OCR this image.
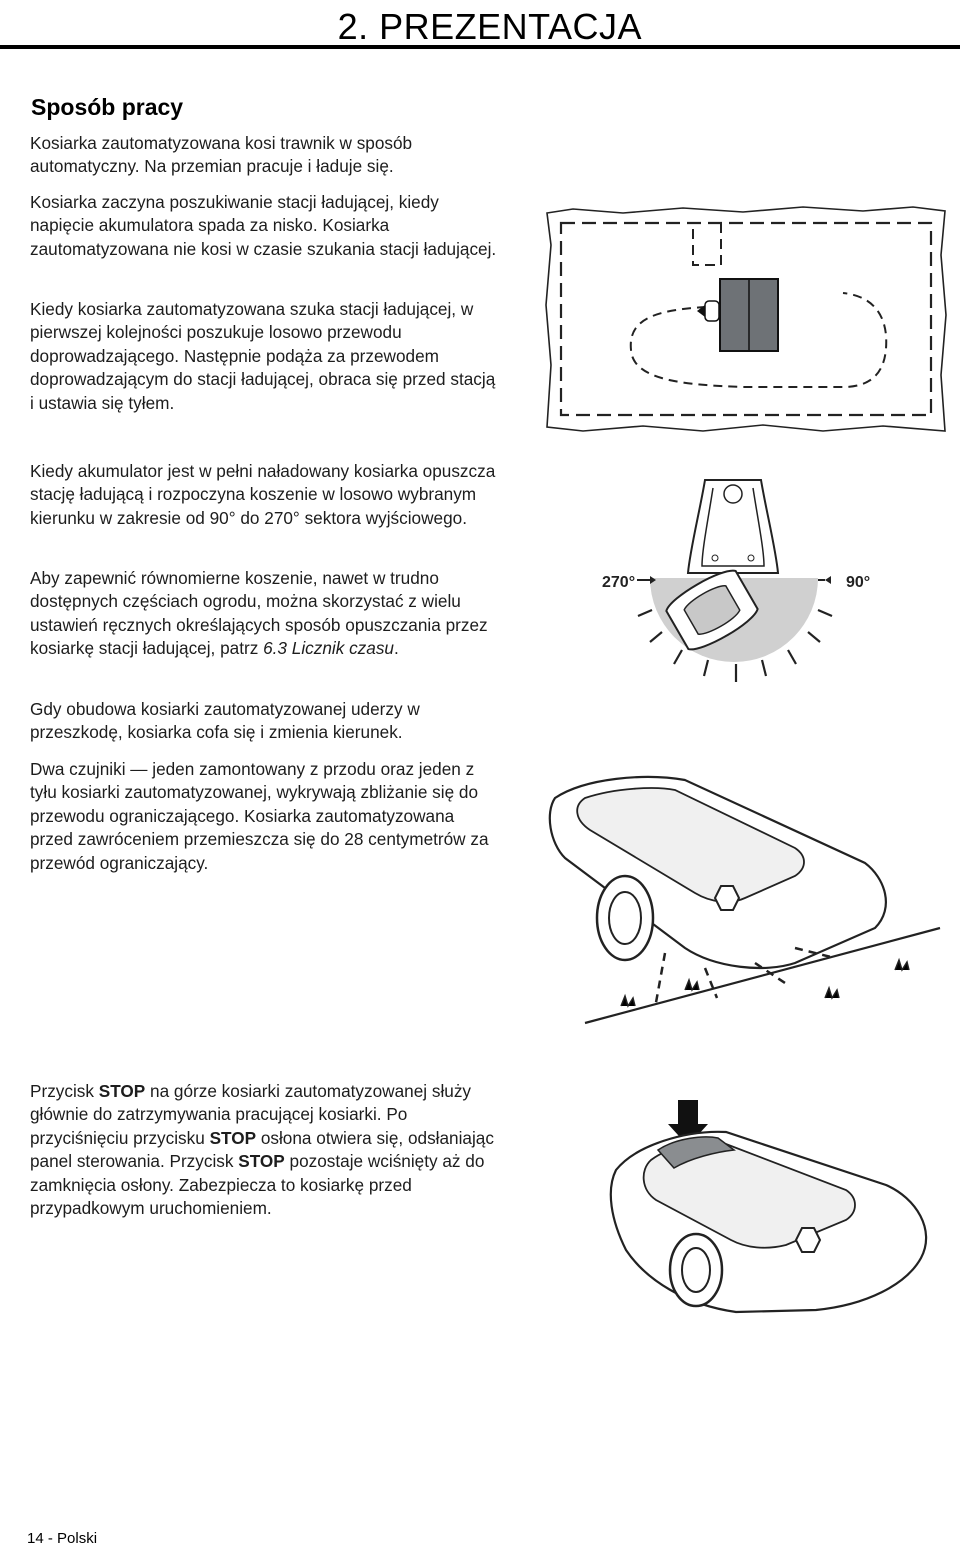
2. PREZENTACJA
Sposób pracy

Kosiarka zautomatyzowana kosi trawnik w sposób automatyczny. Na przemian pracuje i ładuje się.

Kosiarka zaczyna poszukiwanie stacji ładującej, kiedy napięcie akumulatora spada za nisko. Kosiarka zautomatyzowana nie kosi w czasie szukania stacji ładującej.

Kiedy kosiarka zautomatyzowana szuka stacji ładującej, w pierwszej kolejności poszukuje losowo przewodu doprowadzającego. Następnie podąża za przewodem doprowadzającym do stacji ładującej, obraca się przed stacją i ustawia się tyłem.

Kiedy akumulator jest w pełni naładowany kosiarka opuszcza stację ładującą i rozpoczyna koszenie w losowo wybranym kierunku w zakresie od 90° do 270° sektora wyjściowego.

Aby zapewnić równomierne koszenie, nawet w trudno dostępnych częściach ogrodu, można skorzystać z wielu ustawień ręcznych określających sposób opuszczania przez kosiarkę stacji ładującej, patrz 6.3 Licznik czasu.

Gdy obudowa kosiarki zautomatyzowanej uderzy w przeszkodę, kosiarka cofa się i zmienia kierunek.

Dwa czujniki — jeden zamontowany z przodu oraz jeden z tyłu kosiarki zautomatyzowanej, wykrywają zbliżanie się do przewodu ograniczającego. Kosiarka zautomatyzowana przed zawróceniem przemieszcza się do 28 centymetrów za przewód ograniczający.

Przycisk STOP na górze kosiarki zautomatyzowanej służy głównie do zatrzymywania pracującej kosiarki. Po przyciśnięciu przycisku STOP osłona otwiera się, odsłaniając panel sterowania. Przycisk STOP pozostaje wciśnięty aż do zamknięcia osłony. Zabezpiecza to kosiarkę przed przypadkowym uruchomieniem.

270°	90°
14 - Polski
